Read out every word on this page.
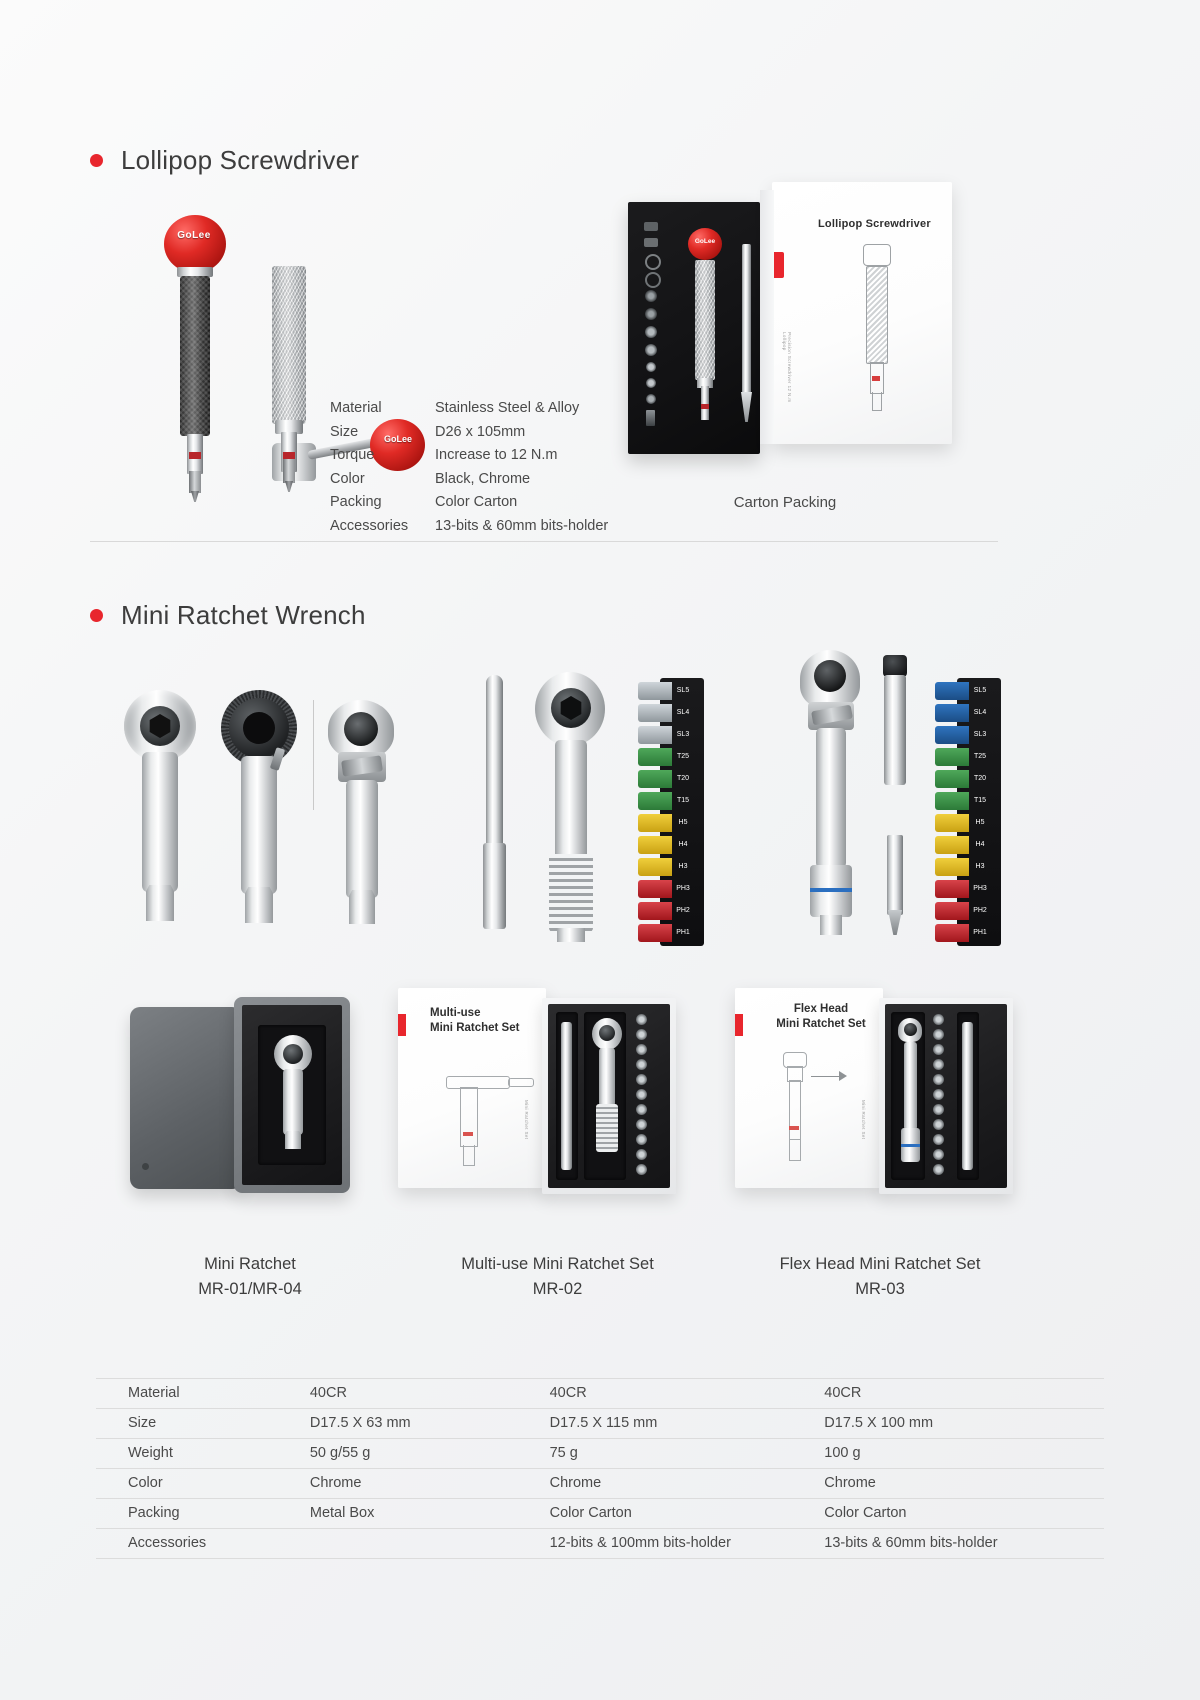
Lollipop Screwdriver
GoLee
GoLee
Material	Stainless Steel & Alloy
Size	D26 x 105mm
Torque	Increase to 12 N.m
Color	Black, Chrome
Packing	Color Carton
Accessories	13-bits & 60mm bits-holder
GoLee
Lollipop Screwdriver
Precision Screwdriver 12 N.m Lollipop
Carton Packing
Mini Ratchet Wrench
SL5
SL4
SL3
T25
T20
T15
H5
H4
H3
PH3
PH2
PH1
SL5
SL4
SL3
T25
T20
T15
H5
H4
H3
PH3
PH2
PH1
Multi-use
Mini Ratchet Set
Mini Ratchet Set
Flex Head
Mini Ratchet Set
Mini Ratchet Set
Mini Ratchet
MR-01/MR-04
Multi-use Mini Ratchet Set
MR-02
Flex Head Mini Ratchet Set
MR-03
Material	40CR	40CR	40CR
Size	D17.5 X 63 mm	D17.5 X 115 mm	D17.5 X 100 mm
Weight	50 g/55 g	75 g	100 g
Color	Chrome	Chrome	Chrome
Packing	Metal Box	Color Carton	Color Carton
Accessories		12-bits & 100mm bits-holder	13-bits & 60mm bits-holder
